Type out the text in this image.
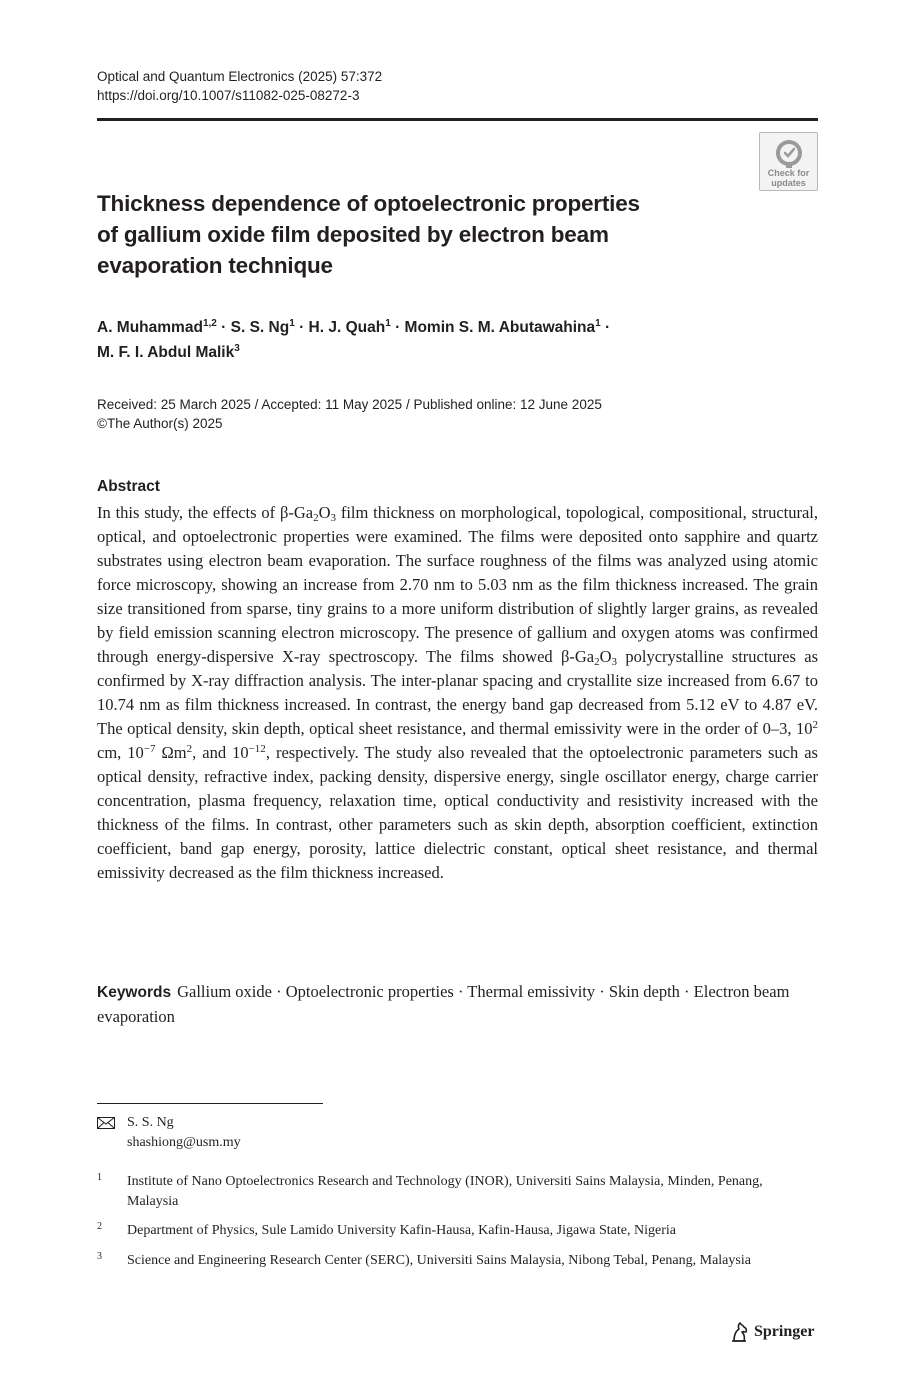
Optical and Quantum Electronics (2025) 57:372
https://doi.org/10.1007/s11082-025-08272-3
Check for
updates
Thickness dependence of optoelectronic properties
of gallium oxide film deposited by electron beam
evaporation technique
A. Muhammad$^{1,2}$ · S. S. $Ng^1 \cdot H$. J. Quah$^1$ · Momin S. M. Abutawahina$^1$ ·
M. F. I. Abdul Malik$^3$
Received: 25 March 2025 / Accepted: 11 May 2025 / Published online: 12 June 2025
©The Author(s) 2025
Abstract

In this study, the effects of $\beta-Ga_2O_3$ film thickness on morphological, topological, compositional, structural, optical, and optoelectronic properties were examined. The films were deposited onto sapphire and quartz substrates using electron beam evaporation. The surface roughness of the films was analyzed using atomic force microscopy, showing an increase from 2.70 nm to 5.03 nm as the film thickness increased. The grain size transitioned from sparse, tiny grains to a more uniform distribution of slightly larger grains, as revealed by field emission scanning electron microscopy. The presence of gallium and oxygen atoms was confirmed through energy-dispersive X-ray spectroscopy. The films showed $\beta-Ga_2O_3$ polycrystalline structures as confirmed by X-ray diffraction analysis. The inter-planar spacing and crystallite size increased from 6.67 to 10.74 nm as film thickness increased. In contrast, the energy band gap decreased from 5.12 eV to 4.87 eV. The optical density, skin depth, optical sheet resistance, and thermal emissivity were in the order of 0–3, $10^2$ cm, $10^{-7}$ $\Omega m^2$, and $10^{-12}$, respectively. The study also revealed that the optoelectronic parameters such as optical density, refractive index, packing density, dispersive energy, single oscillator energy, charge carrier concentration, plasma frequency, relaxation time, optical conductivity and resistivity increased with the thickness of the films. In contrast, other parameters such as skin depth, absorption coefficient, extinction coefficient, band gap energy, porosity, lattice dielectric constant, optical sheet resistance, and thermal emissivity decreased as the film thickness increased.

Keywords Gallium oxide · Optoelectronic properties · Thermal emissivity · Skin depth · Electron beam evaporation
S. S. Ng
shashiong@usm.my
1 Institute of Nano Optoelectronics Research and Technology (INOR), Universiti Sains Malaysia, Minden, Penang, Malaysia
2 Department of Physics, Sule Lamido University Kafin-Hausa, Kafin-Hausa, Jigawa State, Nigeria
3 Science and Engineering Research Center (SERC), Universiti Sains Malaysia, Nibong Tebal, Penang, Malaysia
Springer
